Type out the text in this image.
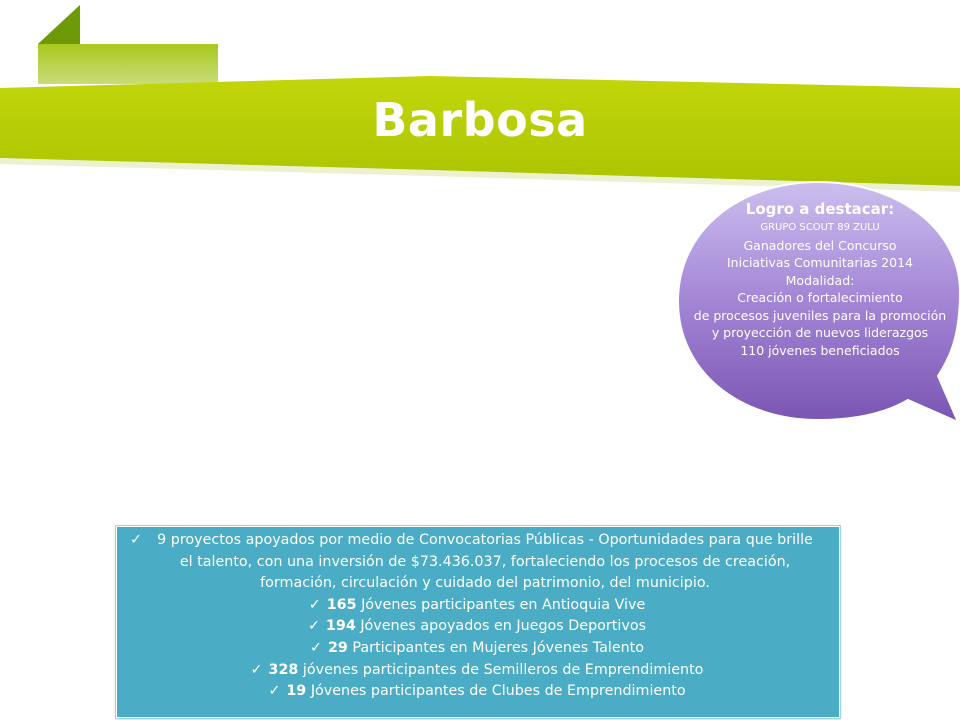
Barbosa
Logro a destacar:
GRUPO SCOUT 89 ZULU
Ganadores del Concurso
Iniciativas Comunitarias 2014
Modalidad:
Creación o fortalecimiento
de procesos juveniles para la promoción
y proyección de nuevos liderazgos
110 jóvenes beneficiados
✓ 9 proyectos apoyados por medio de Convocatorias Públicas - Oportunidades para que brille el talento, con una inversión de $73.436.037, fortaleciendo los procesos de creación, formación, circulación y cuidado del patrimonio, del municipio.
✓ 165 Jóvenes participantes en Antioquia Vive
✓ 194 Jóvenes apoyados en Juegos Deportivos
✓ 29 Participantes en Mujeres Jóvenes Talento
✓ 328 jóvenes participantes de Semilleros de Emprendimiento
✓ 19 Jóvenes participantes de Clubes de Emprendimiento
